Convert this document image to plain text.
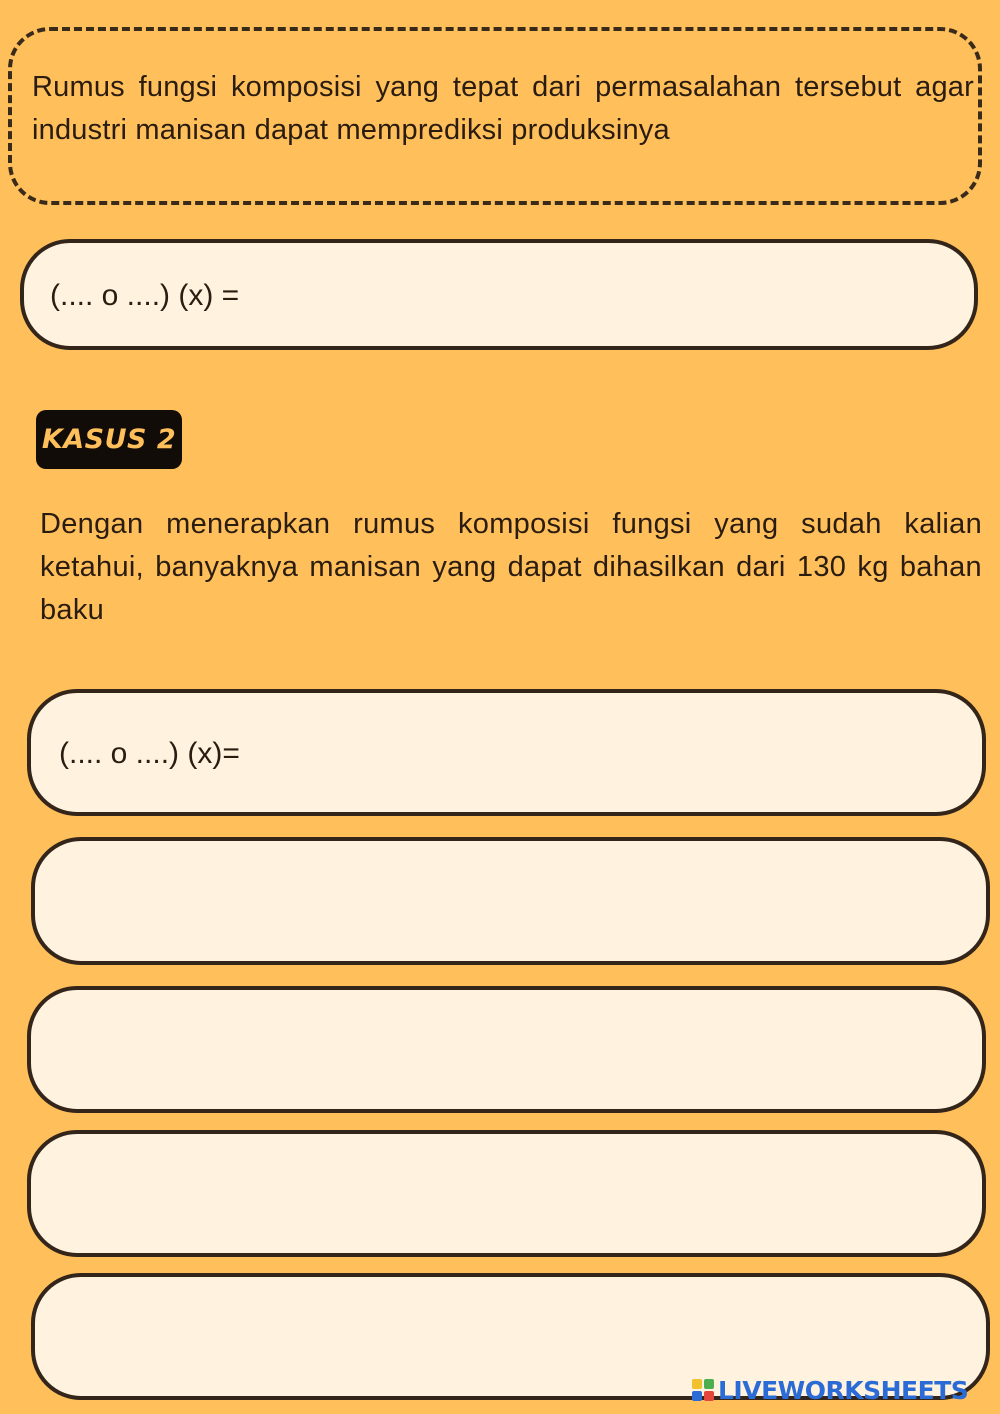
Rumus fungsi komposisi yang tepat dari permasalahan tersebut agar industri manisan dapat memprediksi produksinya
(.... o ....) (x) =
KASUS 2
Dengan menerapkan rumus komposisi fungsi yang sudah kalian ketahui, banyaknya manisan yang dapat dihasilkan dari 130 kg bahan baku
(.... o ....) (x)=
LIVEWORKSHEETS
